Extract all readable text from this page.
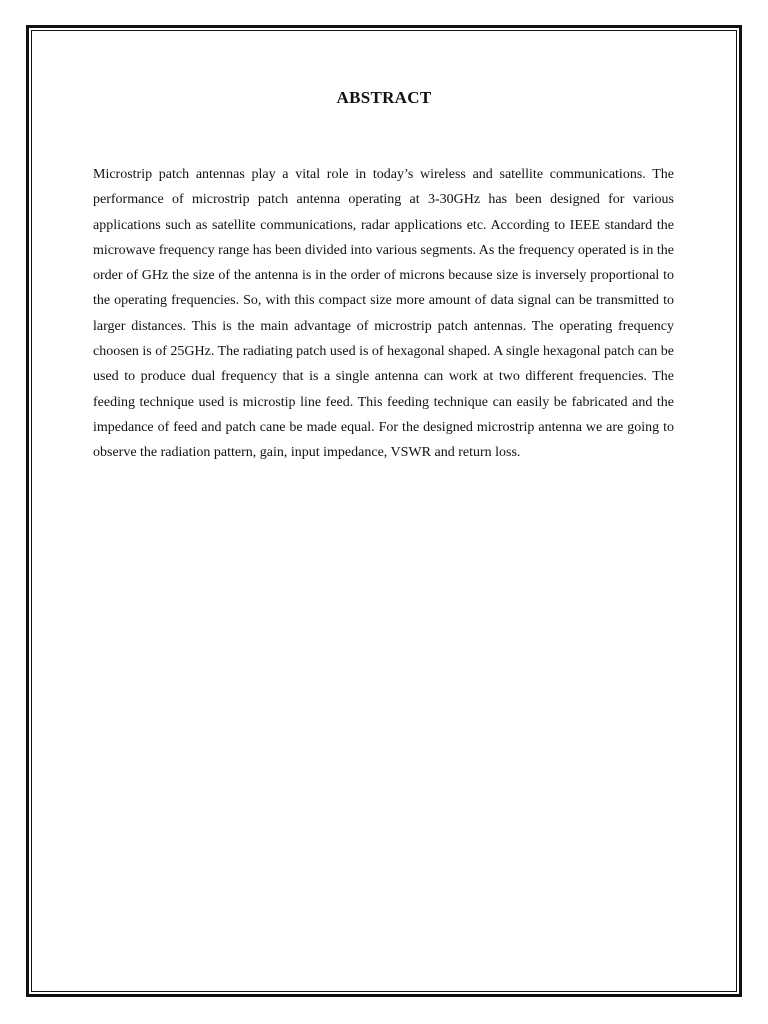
ABSTRACT

Microstrip patch antennas play a vital role in today’s wireless and satellite communications. The performance of microstrip patch antenna operating at 3-30GHz has been designed for various applications such as satellite communications, radar applications etc. According to IEEE standard the microwave frequency range has been divided into various segments. As the frequency operated is in the order of GHz the size of the antenna is in the order of microns because size is inversely proportional to the operating frequencies. So, with this compact size more amount of data signal can be transmitted to larger distances. This is the main advantage of microstrip patch antennas. The operating frequency choosen is of 25GHz. The radiating patch used is of hexagonal shaped. A single hexagonal patch can be used to produce dual frequency that is a single antenna can work at two different frequencies. The feeding technique used is microstip line feed. This feeding technique can easily be fabricated and the impedance of feed and patch cane be made equal. For the designed microstrip antenna we are going to observe the radiation pattern, gain, input impedance, VSWR and return loss.
